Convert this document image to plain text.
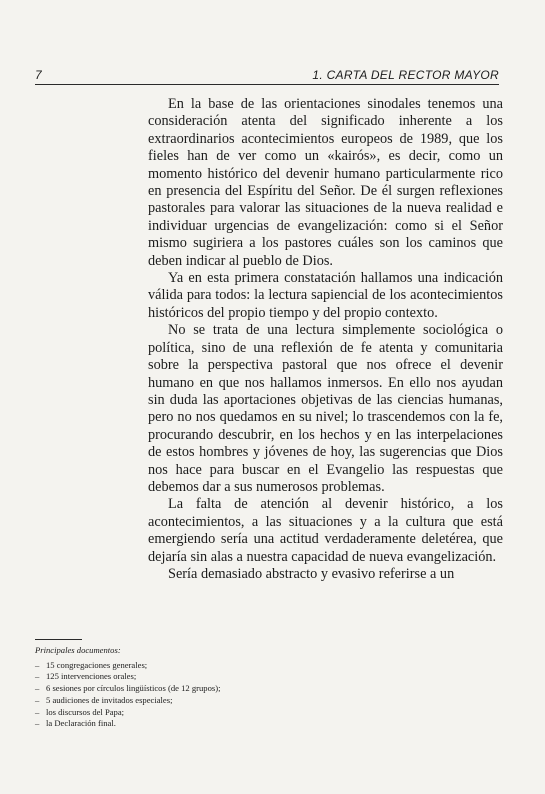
7	1. CARTA DEL RECTOR MAYOR

En la base de las orientaciones sinodales tenemos una consideración atenta del significado inherente a los extraordinarios acontecimientos europeos de 1989, que los fieles han de ver como un «kairós», es decir, como un momento histórico del devenir humano particularmente rico en presencia del Espíritu del Señor. De él surgen reflexiones pastorales para valorar las situaciones de la nueva realidad e individuar urgencias de evangelización: como si el Señor mismo sugiriera a los pastores cuáles son los caminos que deben indicar al pueblo de Dios.

Ya en esta primera constatación hallamos una indicación válida para todos: la lectura sapiencial de los acontecimientos históricos del propio tiempo y del propio contexto.

No se trata de una lectura simplemente sociológica o política, sino de una reflexión de fe atenta y comunitaria sobre la perspectiva pastoral que nos ofrece el devenir humano en que nos hallamos inmersos. En ello nos ayudan sin duda las aportaciones objetivas de las ciencias humanas, pero no nos quedamos en su nivel; lo trascendemos con la fe, procurando descubrir, en los hechos y en las interpelaciones de estos hombres y jóvenes de hoy, las sugerencias que Dios nos hace para buscar en el Evangelio las respuestas que debemos dar a sus numerosos problemas.

La falta de atención al devenir histórico, a los acontecimientos, a las situaciones y a la cultura que está emergiendo sería una actitud verdaderamente deletérea, que dejaría sin alas a nuestra capacidad de nueva evangelización.

Sería demasiado abstracto y evasivo referirse a un

Principales documentos:
– 15 congregaciones generales;
– 125 intervenciones orales;
– 6 sesiones por círculos lingüísticos (de 12 grupos);
– 5 audiciones de invitados especiales;
– los discursos del Papa;
– la Declaración final.
